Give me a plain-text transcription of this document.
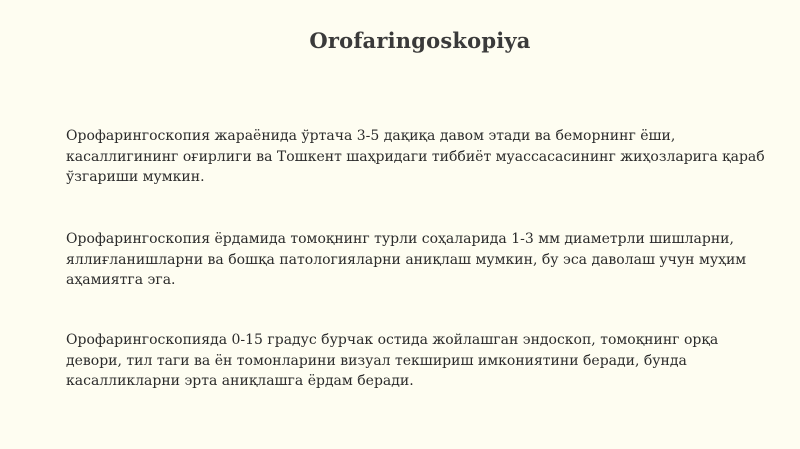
Orofaringoskopiya

Орофарингоскопия жараёнида ўртача 3-5 дақиқа давом этади ва беморнинг ёши, касаллигининг оғирлиги ва Тошкент шаҳридаги тиббиёт муассасасининг жиҳозларига қараб ўзгариши мумкин.

Орофарингоскопия ёрдамида томоқнинг турли соҳаларида 1-3 мм диаметрли шишларни, яллиғланишларни ва бошқа патологияларни аниқлаш мумкин, бу эса даволаш учун муҳим аҳамиятга эга.

Орофарингоскопияда 0-15 градус бурчак остида жойлашган эндоскоп, томоқнинг орқа девори, тил таги ва ён томонларини визуал текшириш имкониятини беради, бунда касалликларни эрта аниқлашга ёрдам беради.
